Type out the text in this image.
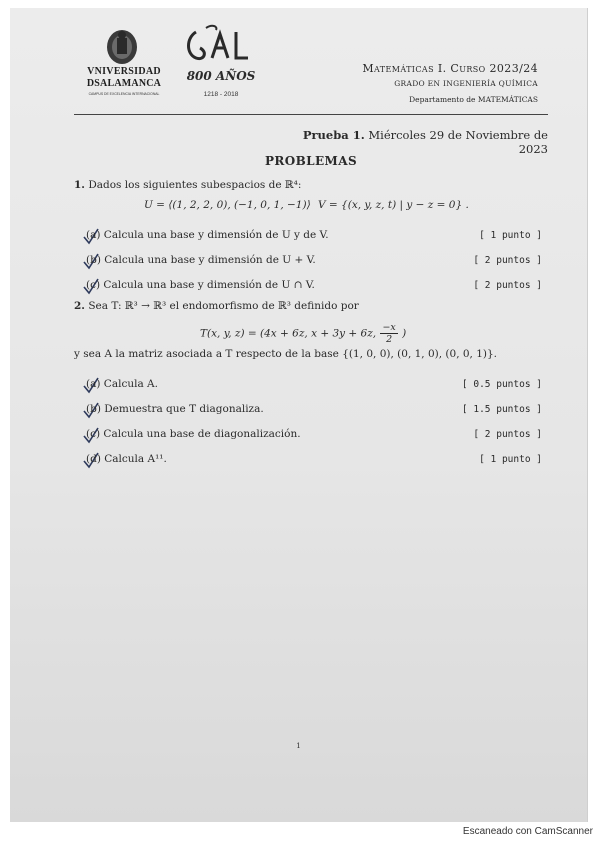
VNIVERSIDAD
DSALAMANCA
CAMPUS DE EXCELENCIA INTERNACIONAL
800 AÑOS
1218 - 2018
Matemáticas I. Curso 2023/24
GRADO EN INGENIERÍA QUÍMICA
Departamento de MATEMÁTICAS
Prueba 1. Miércoles 29 de Noviembre de 2023
PROBLEMAS
1. Dados los siguientes subespacios de ℝ⁴:
U = ⟨(1, 2, 2, 0), (−1, 0, 1, −1)⟩ V = {(x, y, z, t) | y − z = 0} .
(a) Calcula una base y dimensión de U y de V.	[ 1 punto ]
(b) Calcula una base y dimensión de U + V.	[ 2 puntos ]
(c) Calcula una base y dimensión de U ∩ V.	[ 2 puntos ]
2. Sea T: ℝ³ → ℝ³ el endomorfismo de ℝ³ definido por
T(x, y, z) = (4x + 6z, x + 3y + 6z, $\frac{-x}{2}$ )
y sea A la matriz asociada a T respecto de la base {(1, 0, 0), (0, 1, 0), (0, 0, 1)}.
(a) Calcula A.	[ 0.5 puntos ]
(b) Demuestra que T diagonaliza.	[ 1.5 puntos ]
(c) Calcula una base de diagonalización.	[ 2 puntos ]
(d) Calcula A¹¹.	[ 1 punto ]
1
Escaneado con CamScanner
